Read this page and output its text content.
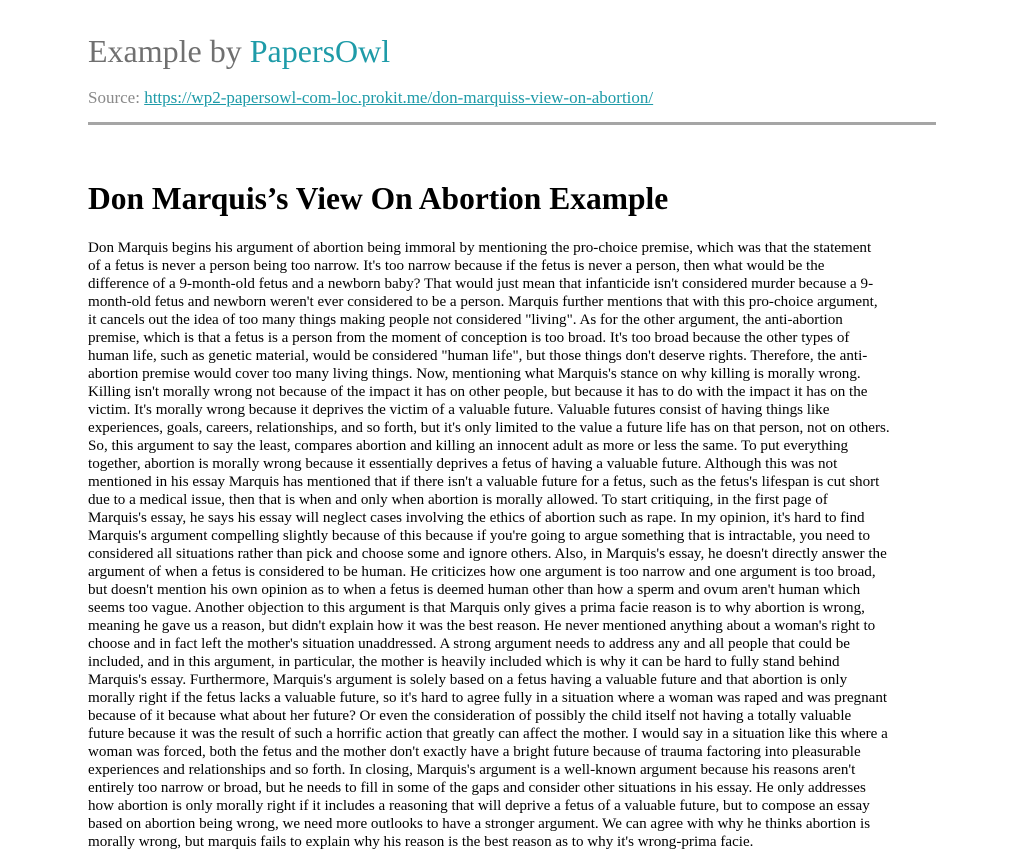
Example by PapersOwl
Source: https://wp2-papersowl-com-loc.prokit.me/don-marquiss-view-on-abortion/
Don Marquis’s View On Abortion Example

Don Marquis begins his argument of abortion being immoral by mentioning the pro-choice premise, which was that the statement
of a fetus is never a person being too narrow. It's too narrow because if the fetus is never a person, then what would be the
difference of a 9-month-old fetus and a newborn baby? That would just mean that infanticide isn't considered murder because a 9-
month-old fetus and newborn weren't ever considered to be a person. Marquis further mentions that with this pro-choice argument,
it cancels out the idea of too many things making people not considered "living". As for the other argument, the anti-abortion
premise, which is that a fetus is a person from the moment of conception is too broad. It's too broad because the other types of
human life, such as genetic material, would be considered "human life", but those things don't deserve rights. Therefore, the anti-
abortion premise would cover too many living things. Now, mentioning what Marquis's stance on why killing is morally wrong.
Killing isn't morally wrong not because of the impact it has on other people, but because it has to do with the impact it has on the
victim. It's morally wrong because it deprives the victim of a valuable future. Valuable futures consist of having things like
experiences, goals, careers, relationships, and so forth, but it's only limited to the value a future life has on that person, not on others.
So, this argument to say the least, compares abortion and killing an innocent adult as more or less the same. To put everything
together, abortion is morally wrong because it essentially deprives a fetus of having a valuable future. Although this was not
mentioned in his essay Marquis has mentioned that if there isn't a valuable future for a fetus, such as the fetus's lifespan is cut short
due to a medical issue, then that is when and only when abortion is morally allowed. To start critiquing, in the first page of
Marquis's essay, he says his essay will neglect cases involving the ethics of abortion such as rape. In my opinion, it's hard to find
Marquis's argument compelling slightly because of this because if you're going to argue something that is intractable, you need to
considered all situations rather than pick and choose some and ignore others. Also, in Marquis's essay, he doesn't directly answer the
argument of when a fetus is considered to be human. He criticizes how one argument is too narrow and one argument is too broad,
but doesn't mention his own opinion as to when a fetus is deemed human other than how a sperm and ovum aren't human which
seems too vague. Another objection to this argument is that Marquis only gives a prima facie reason is to why abortion is wrong,
meaning he gave us a reason, but didn't explain how it was the best reason. He never mentioned anything about a woman's right to
choose and in fact left the mother's situation unaddressed. A strong argument needs to address any and all people that could be
included, and in this argument, in particular, the mother is heavily included which is why it can be hard to fully stand behind
Marquis's essay. Furthermore, Marquis's argument is solely based on a fetus having a valuable future and that abortion is only
morally right if the fetus lacks a valuable future, so it's hard to agree fully in a situation where a woman was raped and was pregnant
because of it because what about her future? Or even the consideration of possibly the child itself not having a totally valuable
future because it was the result of such a horrific action that greatly can affect the mother. I would say in a situation like this where a
woman was forced, both the fetus and the mother don't exactly have a bright future because of trauma factoring into pleasurable
experiences and relationships and so forth. In closing, Marquis's argument is a well-known argument because his reasons aren't
entirely too narrow or broad, but he needs to fill in some of the gaps and consider other situations in his essay. He only addresses
how abortion is only morally right if it includes a reasoning that will deprive a fetus of a valuable future, but to compose an essay
based on abortion being wrong, we need more outlooks to have a stronger argument. We can agree with why he thinks abortion is
morally wrong, but marquis fails to explain why his reason is the best reason as to why it's wrong-prima facie.
